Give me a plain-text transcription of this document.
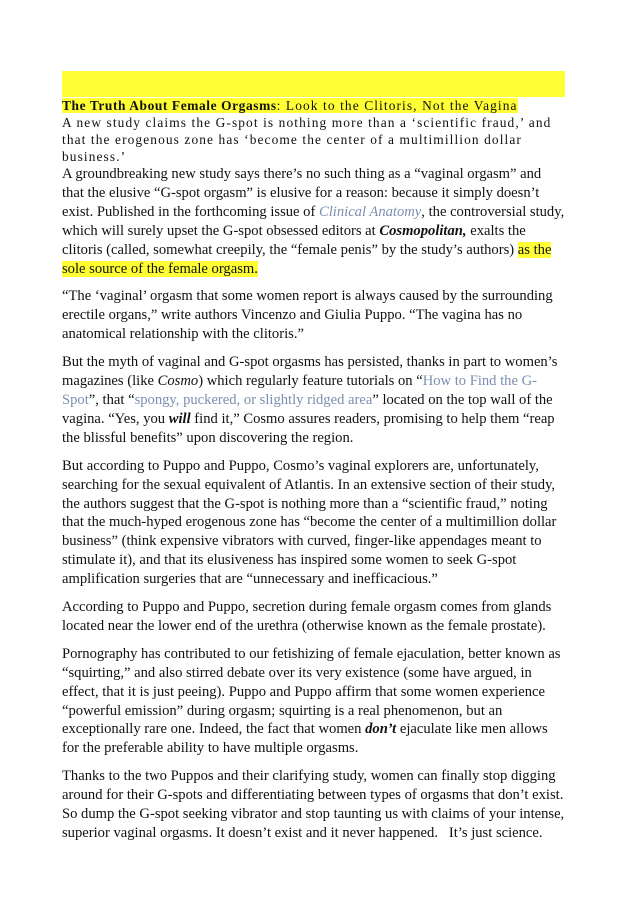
The Truth About Female Orgasms: Look to the Clitoris, Not the Vagina
A new study claims the G-spot is nothing more than a ‘scientific fraud,’ and that the erogenous zone has ‘become the center of a multimillion dollar business.’

A groundbreaking new study says there’s no such thing as a “vaginal orgasm” and that the elusive “G-spot orgasm” is elusive for a reason: because it simply doesn’t exist. Published in the forthcoming issue of Clinical Anatomy, the controversial study, which will surely upset the G-spot obsessed editors at Cosmopolitan, exalts the clitoris (called, somewhat creepily, the “female penis” by the study’s authors) as the sole source of the female orgasm.

“The ‘vaginal’ orgasm that some women report is always caused by the surrounding erectile organs,” write authors Vincenzo and Giulia Puppo. “The vagina has no anatomical relationship with the clitoris.”

But the myth of vaginal and G-spot orgasms has persisted, thanks in part to women’s magazines (like Cosmo) which regularly feature tutorials on “How to Find the G-Spot”, that “spongy, puckered, or slightly ridged area” located on the top wall of the vagina. “Yes, you will find it,” Cosmo assures readers, promising to help them “reap the blissful benefits” upon discovering the region.

But according to Puppo and Puppo, Cosmo’s vaginal explorers are, unfortunately, searching for the sexual equivalent of Atlantis. In an extensive section of their study, the authors suggest that the G-spot is nothing more than a “scientific fraud,” noting that the much-hyped erogenous zone has “become the center of a multimillion dollar business” (think expensive vibrators with curved, finger-like appendages meant to stimulate it), and that its elusiveness has inspired some women to seek G-spot amplification surgeries that are “unnecessary and inefficacious.”

According to Puppo and Puppo, secretion during female orgasm comes from glands located near the lower end of the urethra (otherwise known as the female prostate).

Pornography has contributed to our fetishizing of female ejaculation, better known as “squirting,” and also stirred debate over its very existence (some have argued, in effect, that it is just peeing). Puppo and Puppo affirm that some women experience “powerful emission” during orgasm; squirting is a real phenomenon, but an exceptionally rare one. Indeed, the fact that women don’t ejaculate like men allows for the preferable ability to have multiple orgasms.

Thanks to the two Puppos and their clarifying study, women can finally stop digging around for their G-spots and differentiating between types of orgasms that don’t exist. So dump the G-spot seeking vibrator and stop taunting us with claims of your intense, superior vaginal orgasms. It doesn’t exist and it never happened.   It’s just science.
